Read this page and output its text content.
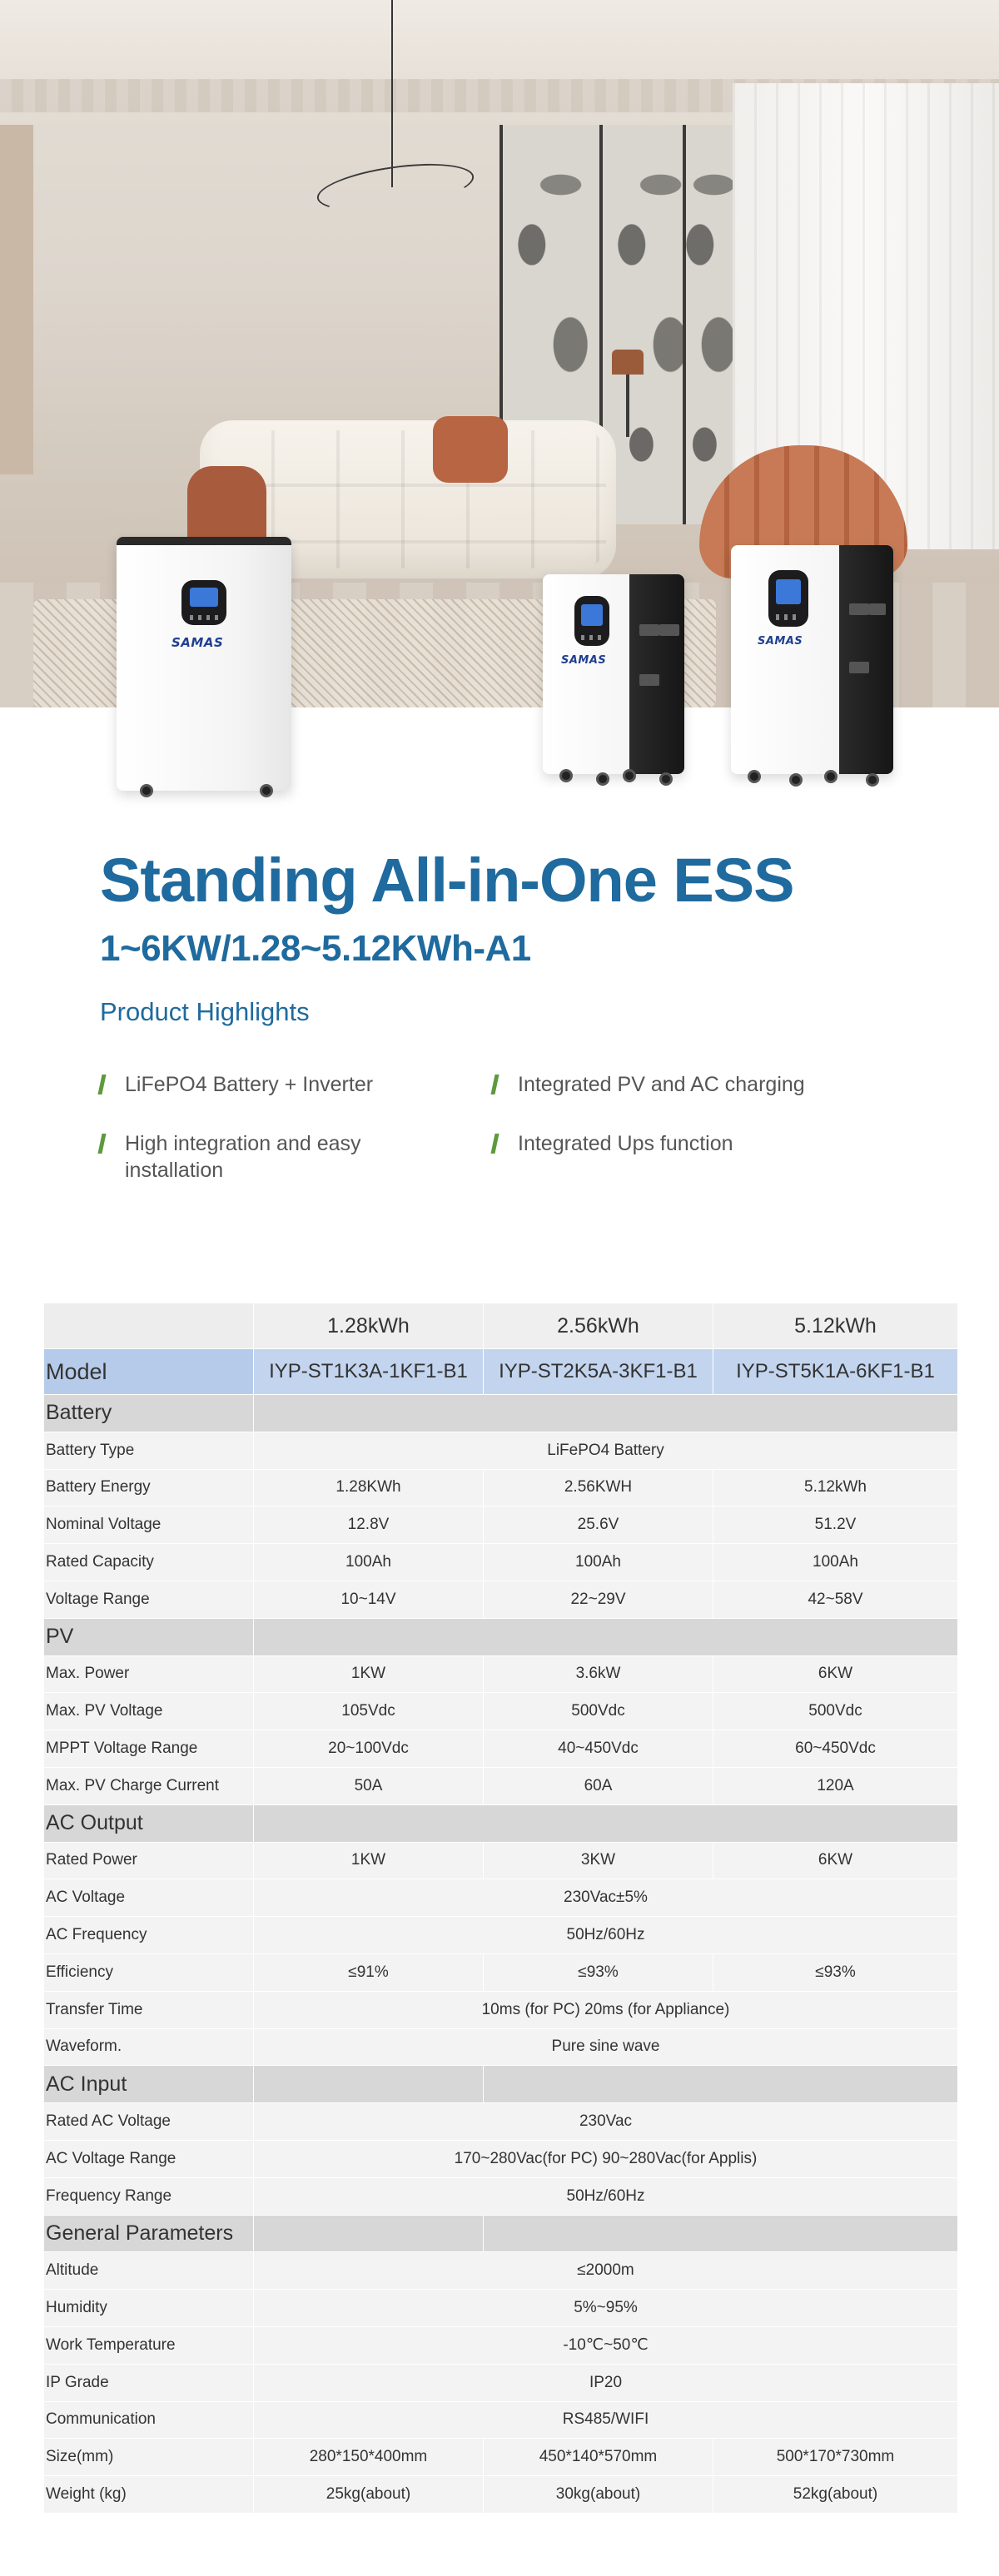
SAMAS
SAMAS
SAMAS
Standing All-in-One ESS
1~6KW/1.28~5.12KWh-A1
Product Highlights
LiFePO4 Battery + Inverter	Integrated PV and AC charging
High integration and easy installation
Integrated Ups function
	1.28kWh	2.56kWh	5.12kWh
Model	IYP-ST1K3A-1KF1-B1	IYP-ST2K5A-3KF1-B1	IYP-ST5K1A-6KF1-B1
Battery			
Battery Type	LiFePO4 Battery		
Battery Energy	1.28KWh	2.56KWH	5.12kWh
Nominal Voltage	12.8V	25.6V	51.2V
Rated Capacity	100Ah	100Ah	100Ah
Voltage Range	10~14V	22~29V	42~58V
PV			
Max. Power	1KW	3.6kW	6KW
Max. PV Voltage	105Vdc	500Vdc	500Vdc
MPPT Voltage Range	20~100Vdc	40~450Vdc	60~450Vdc
Max. PV Charge Current	50A	60A	120A
AC Output			
Rated Power	1KW	3KW	6KW
AC Voltage	230Vac±5%		
AC Frequency	50Hz/60Hz		
Efficiency	≤91%	≤93%	≤93%
Transfer Time	10ms (for PC) 20ms (for Appliance)		
Waveform.	Pure sine wave		
AC Input			
Rated AC Voltage	230Vac		
AC Voltage Range	170~280Vac(for PC) 90~280Vac(for Applis)		
Frequency Range	50Hz/60Hz		
General Parameters			
Altitude	≤2000m		
Humidity	5%~95%		
Work Temperature	-10℃~50℃		
IP Grade	IP20		
Communication	RS485/WIFI		
Size(mm)	280*150*400mm	450*140*570mm	500*170*730mm
Weight (kg)	25kg(about)	30kg(about)	52kg(about)
